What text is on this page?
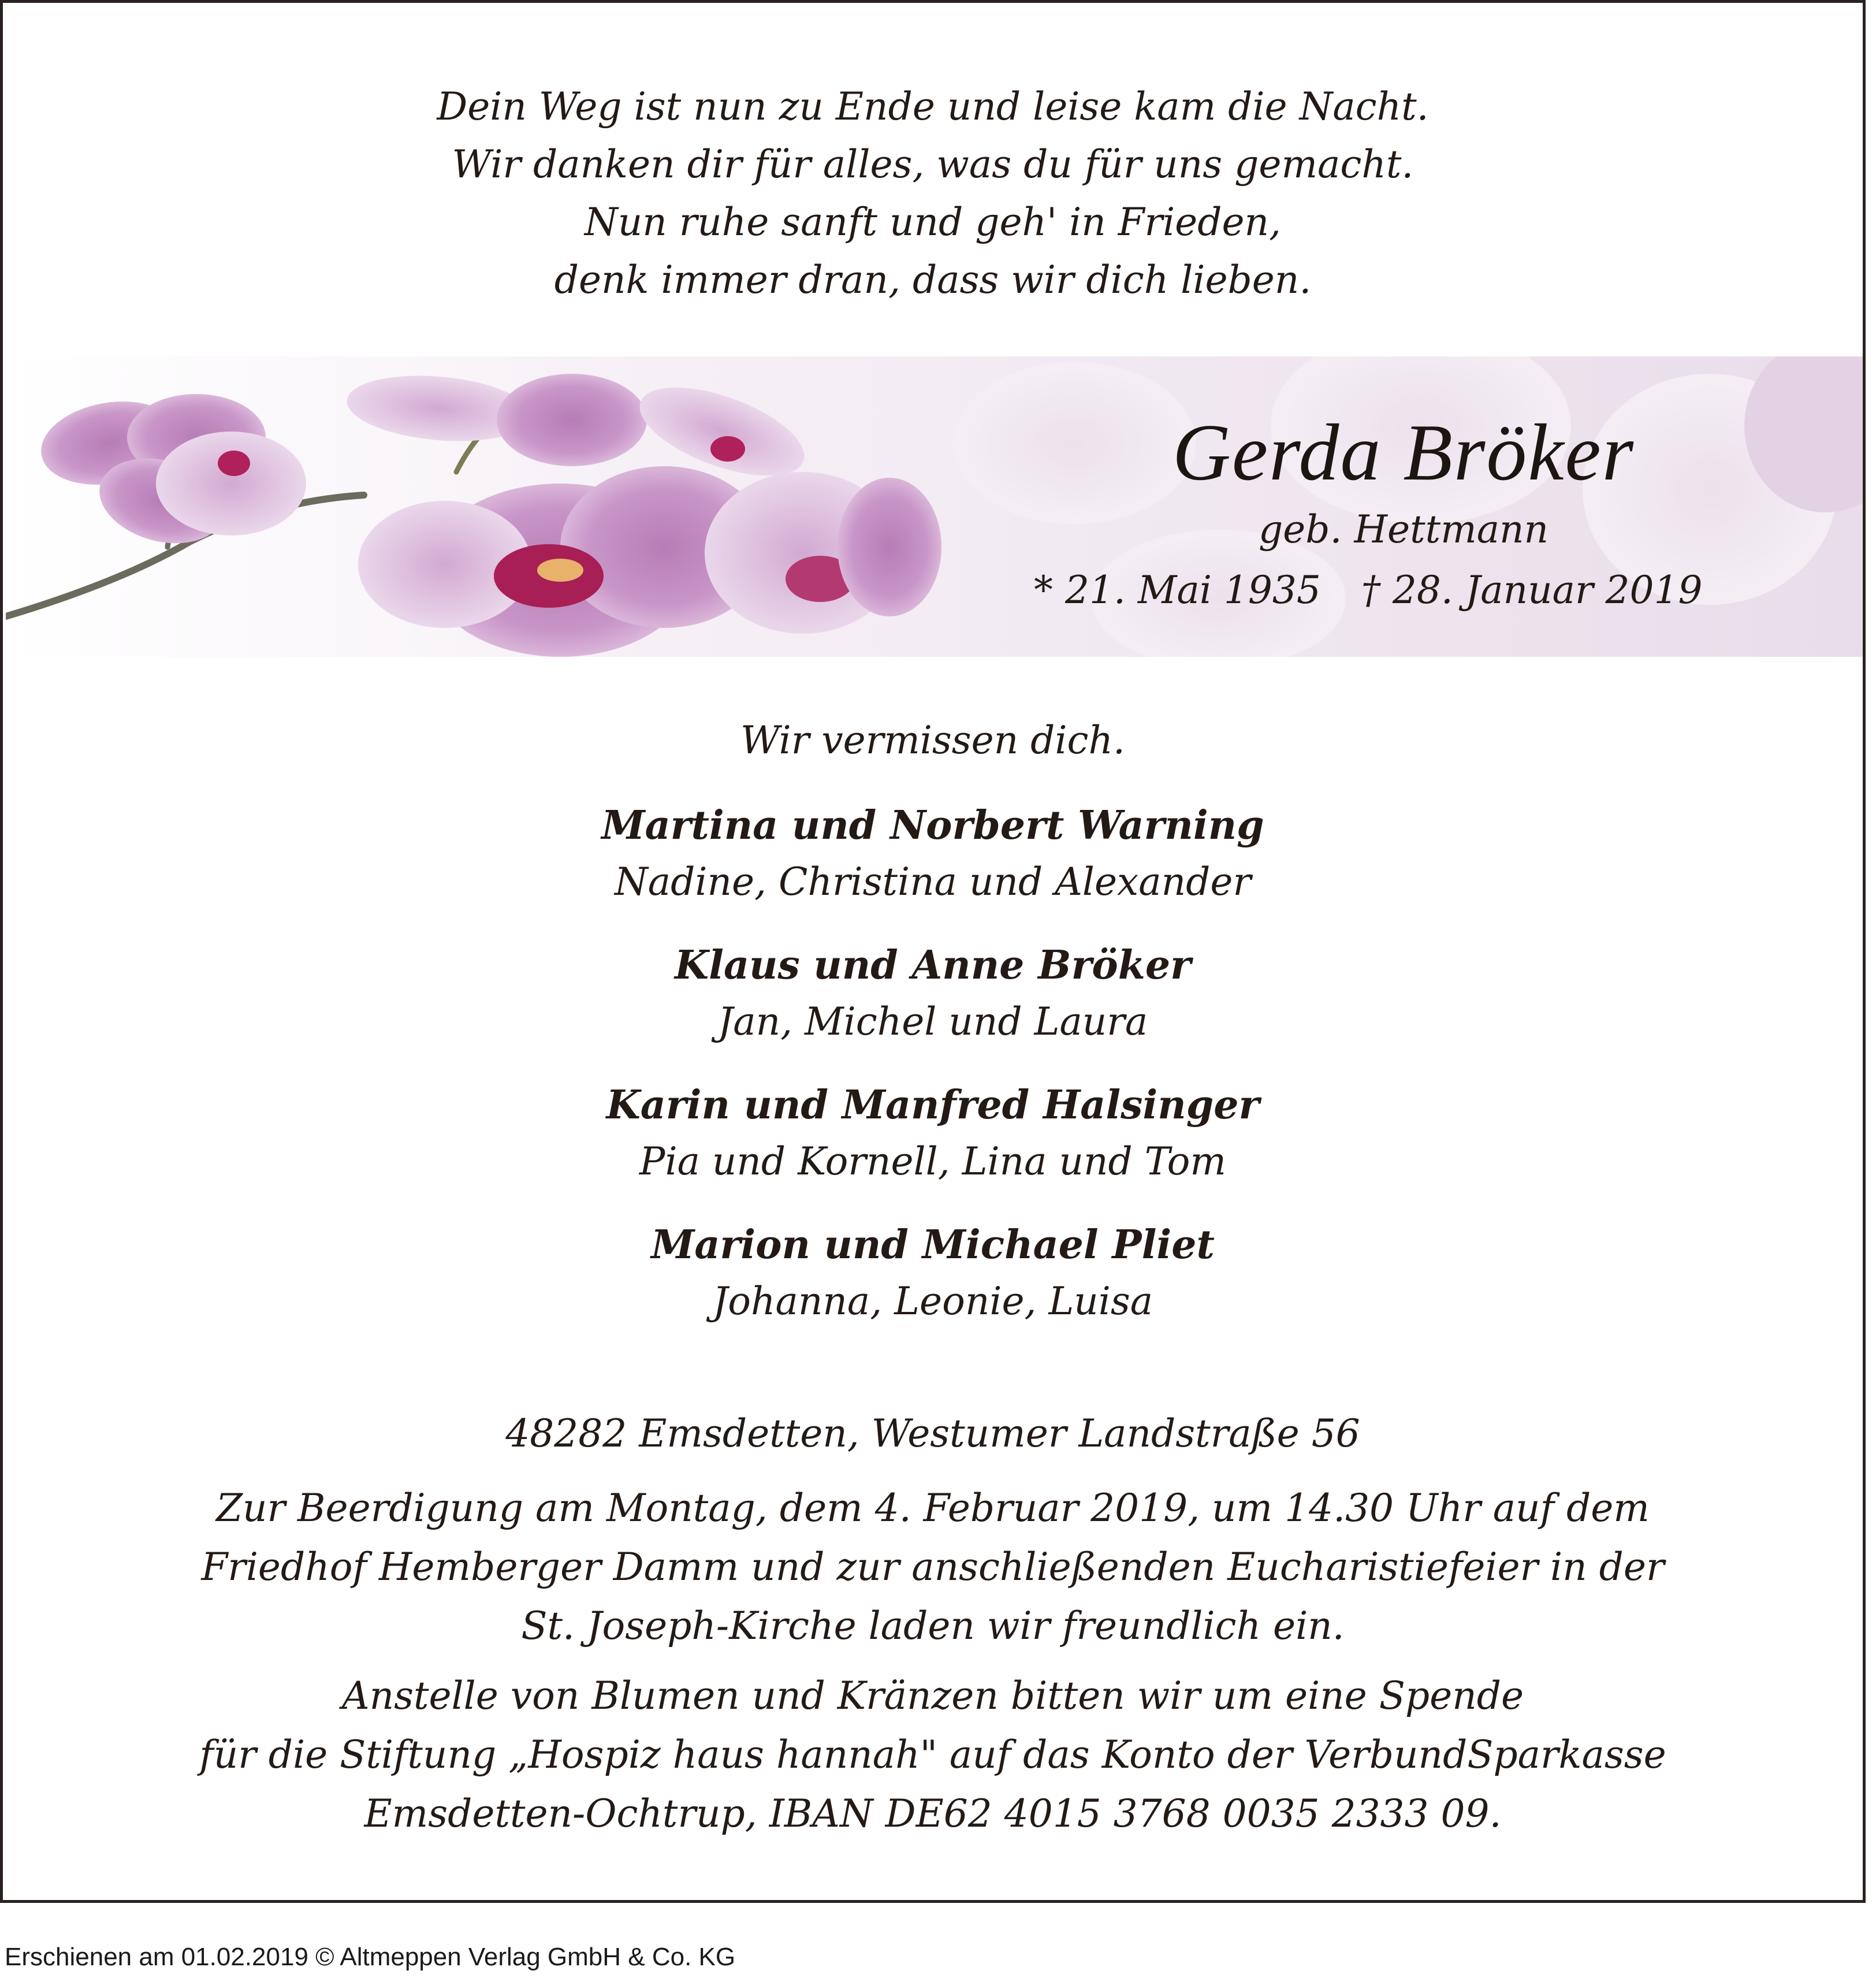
Dein Weg ist nun zu Ende und leise kam die Nacht.
Wir danken dir für alles, was du für uns gemacht.
Nun ruhe sanft und geh' in Frieden,
denk immer dran, dass wir dich lieben.
Gerda Bröker
geb. Hettmann
* 21. Mai 1935 † 28. Januar 2019
Wir vermissen dich.
Martina und Norbert Warning
Nadine, Christina und Alexander
Klaus und Anne Bröker
Jan, Michel und Laura
Karin und Manfred Halsinger
Pia und Kornell, Lina und Tom
Marion und Michael Pliet
Johanna, Leonie, Luisa
48282 Emsdetten, Westumer Landstraße 56
Zur Beerdigung am Montag, dem 4. Februar 2019, um 14.30 Uhr auf dem
Friedhof Hemberger Damm und zur anschließenden Eucharistiefeier in der
St. Joseph-Kirche laden wir freundlich ein.
Anstelle von Blumen und Kränzen bitten wir um eine Spende
für die Stiftung „Hospiz haus hannah" auf das Konto der VerbundSparkasse
Emsdetten-Ochtrup, IBAN DE62 4015 3768 0035 2333 09.
Erschienen am 01.02.2019 © Altmeppen Verlag GmbH & Co. KG
